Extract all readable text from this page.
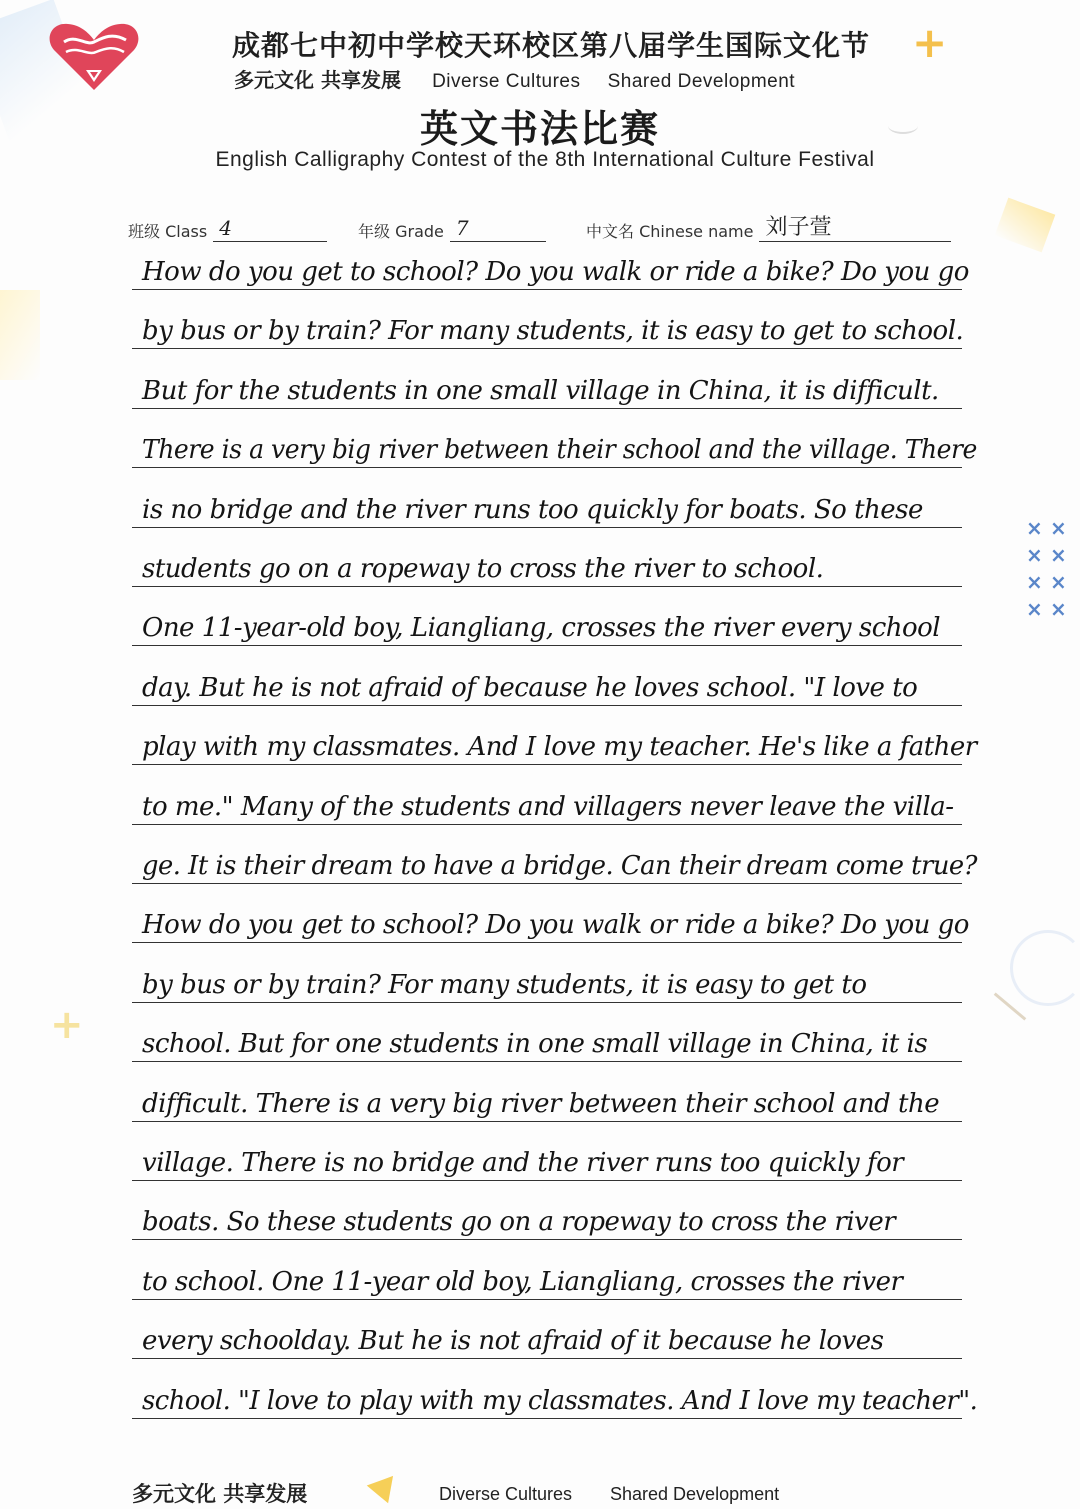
+
+
× ×
× ×
× ×
× ×
成都七中初中学校天环校区第八届学生国际文化节
多元文化 共享发展 Diverse Cultures Shared Development
英文书法比赛
English Calligraphy Contest of the 8th International Culture Festival
班级 Class 4	年级 Grade 7	中文名 Chinese name 刘子萱
How do you get to school? Do you walk or ride a bike? Do you go
by bus or by train? For many students, it is easy to get to school.
But for the students in one small village in China, it is difficult.
There is a very big river between their school and the village. There
is no bridge and the river runs too quickly for boats. So these
students go on a ropeway to cross the river to school.
One 11-year-old boy, Liangliang, crosses the river every school
day. But he is not afraid of because he loves school. "I love to
play with my classmates. And I love my teacher. He's like a father
to me." Many of the students and villagers never leave the villa-
ge. It is their dream to have a bridge. Can their dream come true?
How do you get to school? Do you walk or ride a bike? Do you go
by bus or by train? For many students, it is easy to get to
school. But for one students in one small village in China, it is
difficult. There is a very big river between their school and the
village. There is no bridge and the river runs too quickly for
boats. So these students go on a ropeway to cross the river
to school. One 11-year old boy, Liangliang, crosses the river
every schoolday. But he is not afraid of it because he loves
school. "I love to play with my classmates. And I love my teacher".
多元文化 共享发展	Diverse Cultures Shared Development
